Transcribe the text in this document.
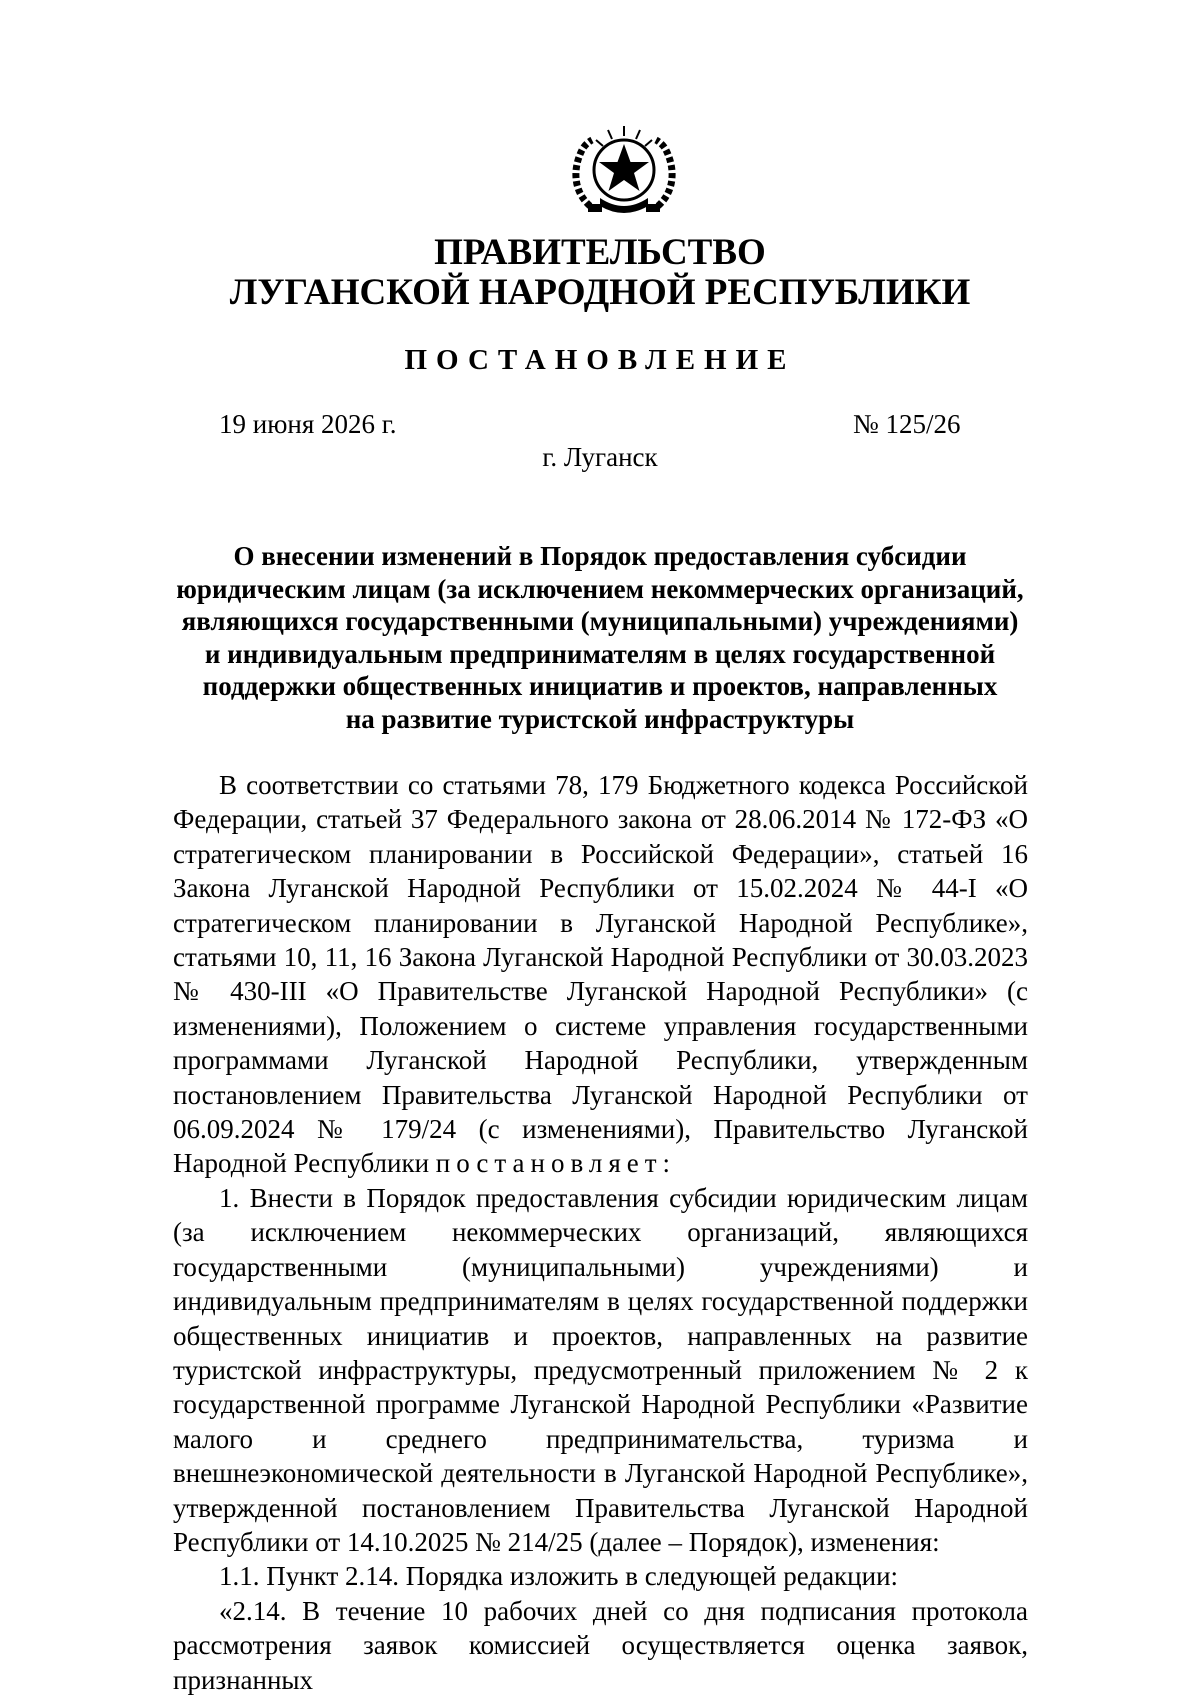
ПРАВИТЕЛЬСТВО
ЛУГАНСКОЙ НАРОДНОЙ РЕСПУБЛИКИ
ПОСТАНОВЛЕНИЕ
19 июня 2026 г.	№ 125/26
г. Луганск
О внесении изменений в Порядок предоставления субсидии
юридическим лицам (за исключением некоммерческих организаций,
являющихся государственными (муниципальными) учреждениями)
и индивидуальным предпринимателям в целях государственной
поддержки общественных инициатив и проектов, направленных
на развитие туристской инфраструктуры

В соответствии со статьями 78, 179 Бюджетного кодекса Российской Федерации, статьей 37 Федерального закона от 28.06.2014 № 172-ФЗ «О стратегическом планировании в Российской Федерации», статьей 16 Закона Луганской Народной Республики от 15.02.2024 № 44-I «О стратегическом планировании в Луганской Народной Республике», статьями 10, 11, 16 Закона Луганской Народной Республики от 30.03.2023 № 430-III «О Правительстве Луганской Народной Республики» (с изменениями), Положением о системе управления государственными программами Луганской Народной Республики, утвержденным постановлением Правительства Луганской Народной Республики от 06.09.2024 № 179/24 (с изменениями), Правительство Луганской Народной Республики постановляет:

1. Внести в Порядок предоставления субсидии юридическим лицам (за исключением некоммерческих организаций, являющихся государственными (муниципальными) учреждениями) и индивидуальным предпринимателям в целях государственной поддержки общественных инициатив и проектов, направленных на развитие туристской инфраструктуры, предусмотренный приложением № 2 к государственной программе Луганской Народной Республики «Развитие малого и среднего предпринимательства, туризма и внешнеэкономической деятельности в Луганской Народной Республике», утвержденной постановлением Правительства Луганской Народной Республики от 14.10.2025 № 214/25 (далее – Порядок), изменения:

1.1. Пункт 2.14. Порядка изложить в следующей редакции:

«2.14. В течение 10 рабочих дней со дня подписания протокола рассмотрения заявок комиссией осуществляется оценка заявок, признанных
